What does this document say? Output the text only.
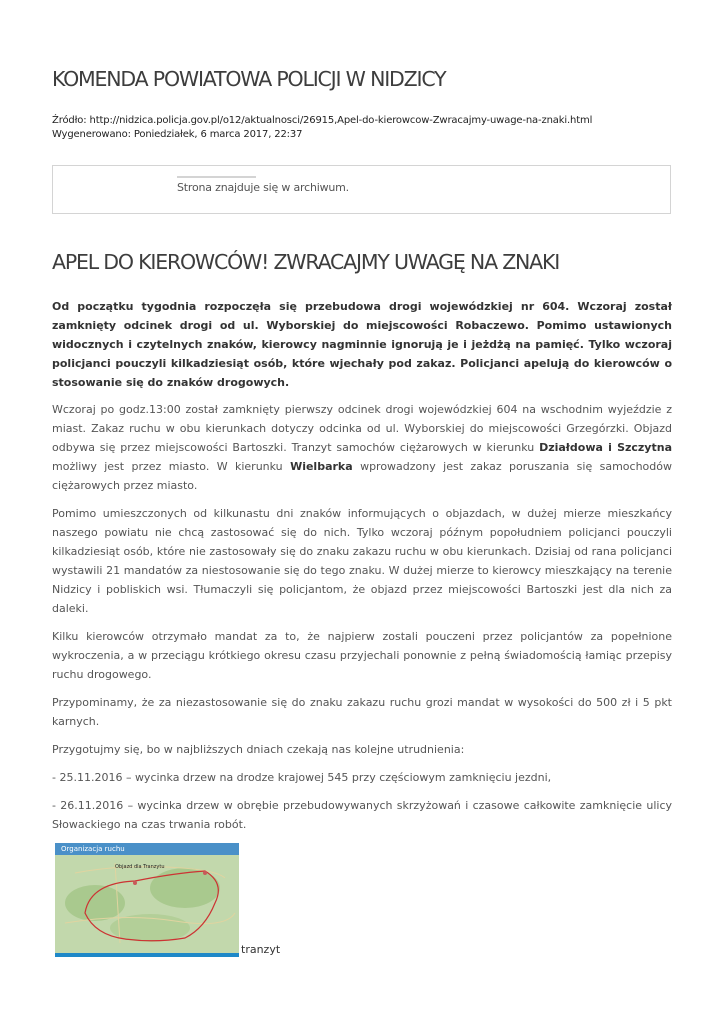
KOMENDA POWIATOWA POLICJI W NIDZICY
Źródło: http://nidzica.policja.gov.pl/o12/aktualnosci/26915,Apel-do-kierowcow-Zwracajmy-uwage-na-znaki.html
Wygenerowano: Poniedziałek, 6 marca 2017, 22:37
Strona znajduje się w archiwum.
APEL DO KIEROWCÓW! ZWRACAJMY UWAGĘ NA ZNAKI

Od początku tygodnia rozpoczęła się przebudowa drogi wojewódzkiej nr 604. Wczoraj został zamknięty odcinek drogi od ul. Wyborskiej do miejscowości Robaczewo. Pomimo ustawionych widocznych i czytelnych znaków, kierowcy nagminnie ignorują je i jeżdżą na pamięć. Tylko wczoraj policjanci pouczyli kilkadziesiąt osób, które wjechały pod zakaz. Policjanci apelują do kierowców o stosowanie się do znaków drogowych.

Wczoraj po godz.13:00 został zamknięty pierwszy odcinek drogi wojewódzkiej 604 na wschodnim wyjeździe z miast. Zakaz ruchu w obu kierunkach dotyczy odcinka od ul. Wyborskiej do miejscowości Grzegórzki. Objazd odbywa się przez miejscowości Bartoszki. Tranzyt samochów ciężarowych w kierunku Działdowa i Szczytna możliwy jest przez miasto. W kierunku Wielbarka wprowadzony jest zakaz poruszania się samochodów ciężarowych przez miasto.

Pomimo umieszczonych od kilkunastu dni znaków informujących o objazdach, w dużej mierze mieszkańcy naszego powiatu nie chcą zastosować się do nich. Tylko wczoraj późnym popołudniem policjanci pouczyli kilkadziesiąt osób, które nie zastosowały się do znaku zakazu ruchu w obu kierunkach. Dzisiaj od rana policjanci wystawili 21 mandatów za niestosowanie się do tego znaku. W dużej mierze to kierowcy mieszkający na terenie Nidzicy i pobliskich wsi. Tłumaczyli się policjantom, że objazd przez miejscowości Bartoszki jest dla nich za daleki.

Kilku kierowców otrzymało mandat za to, że najpierw zostali pouczeni przez policjantów za popełnione wykroczenia, a w przeciągu krótkiego okresu czasu przyjechali ponownie z pełną świadomością łamiąc przepisy ruchu drogowego.

Przypominamy, że za niezastosowanie się do znaku zakazu ruchu grozi mandat w wysokości do 500 zł i 5 pkt karnych.

Przygotujmy się, bo w najbliższych dniach czekają nas kolejne utrudnienia:

- 25.11.2016 – wycinka drzew na drodze krajowej 545 przy częściowym zamknięciu jezdni,

- 26.11.2016 – wycinka drzew w obrębie przebudowywanych skrzyżowań i czasowe całkowite zamknięcie ulicy Słowackiego na czas trwania robót.

Organizacja ruchu
Objazd dla Tranzytu
tranzyt
